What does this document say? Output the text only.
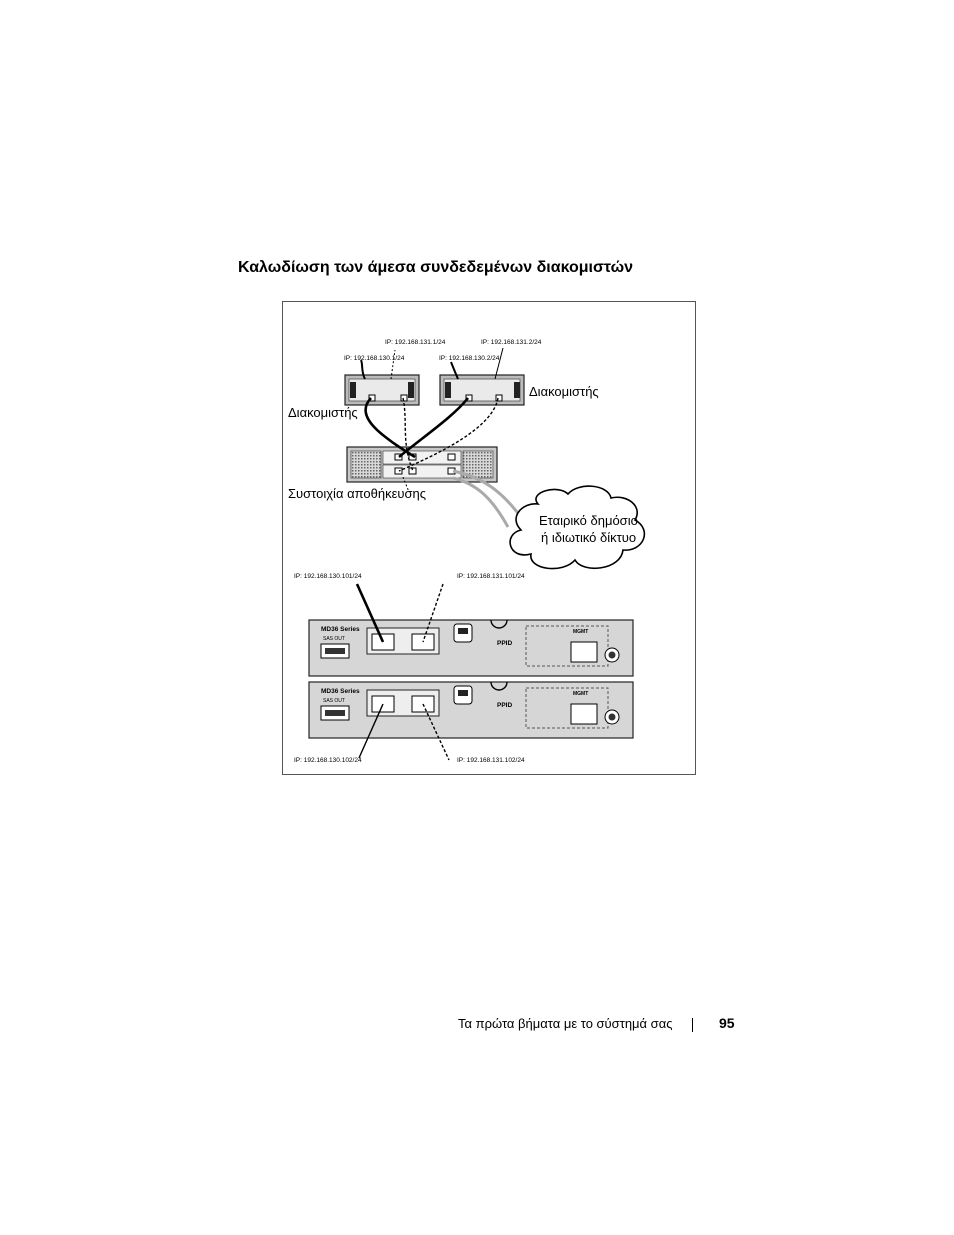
Καλωδίωση των άμεσα συνδεδεμένων διακομιστών
IP: 192.168.131.1/24	IP: 192.168.131.2/24
IP: 192.168.130.1/24	IP: 192.168.130.2/24
Διακομιστής
Διακομιστής
Συστοιχία αποθήκευσης
Εταιρικό δημόσιο
ή ιδιωτικό δίκτυο
IP: 192.168.130.101/24	IP: 192.168.131.101/24
IP: 192.168.130.102/24	IP: 192.168.131.102/24
MD36 Series
MD36 Series
SAS OUT
SAS OUT
PPID
PPID
MGMT
MGMT
Τα πρώτα βήματα με το σύστημά σας	95
